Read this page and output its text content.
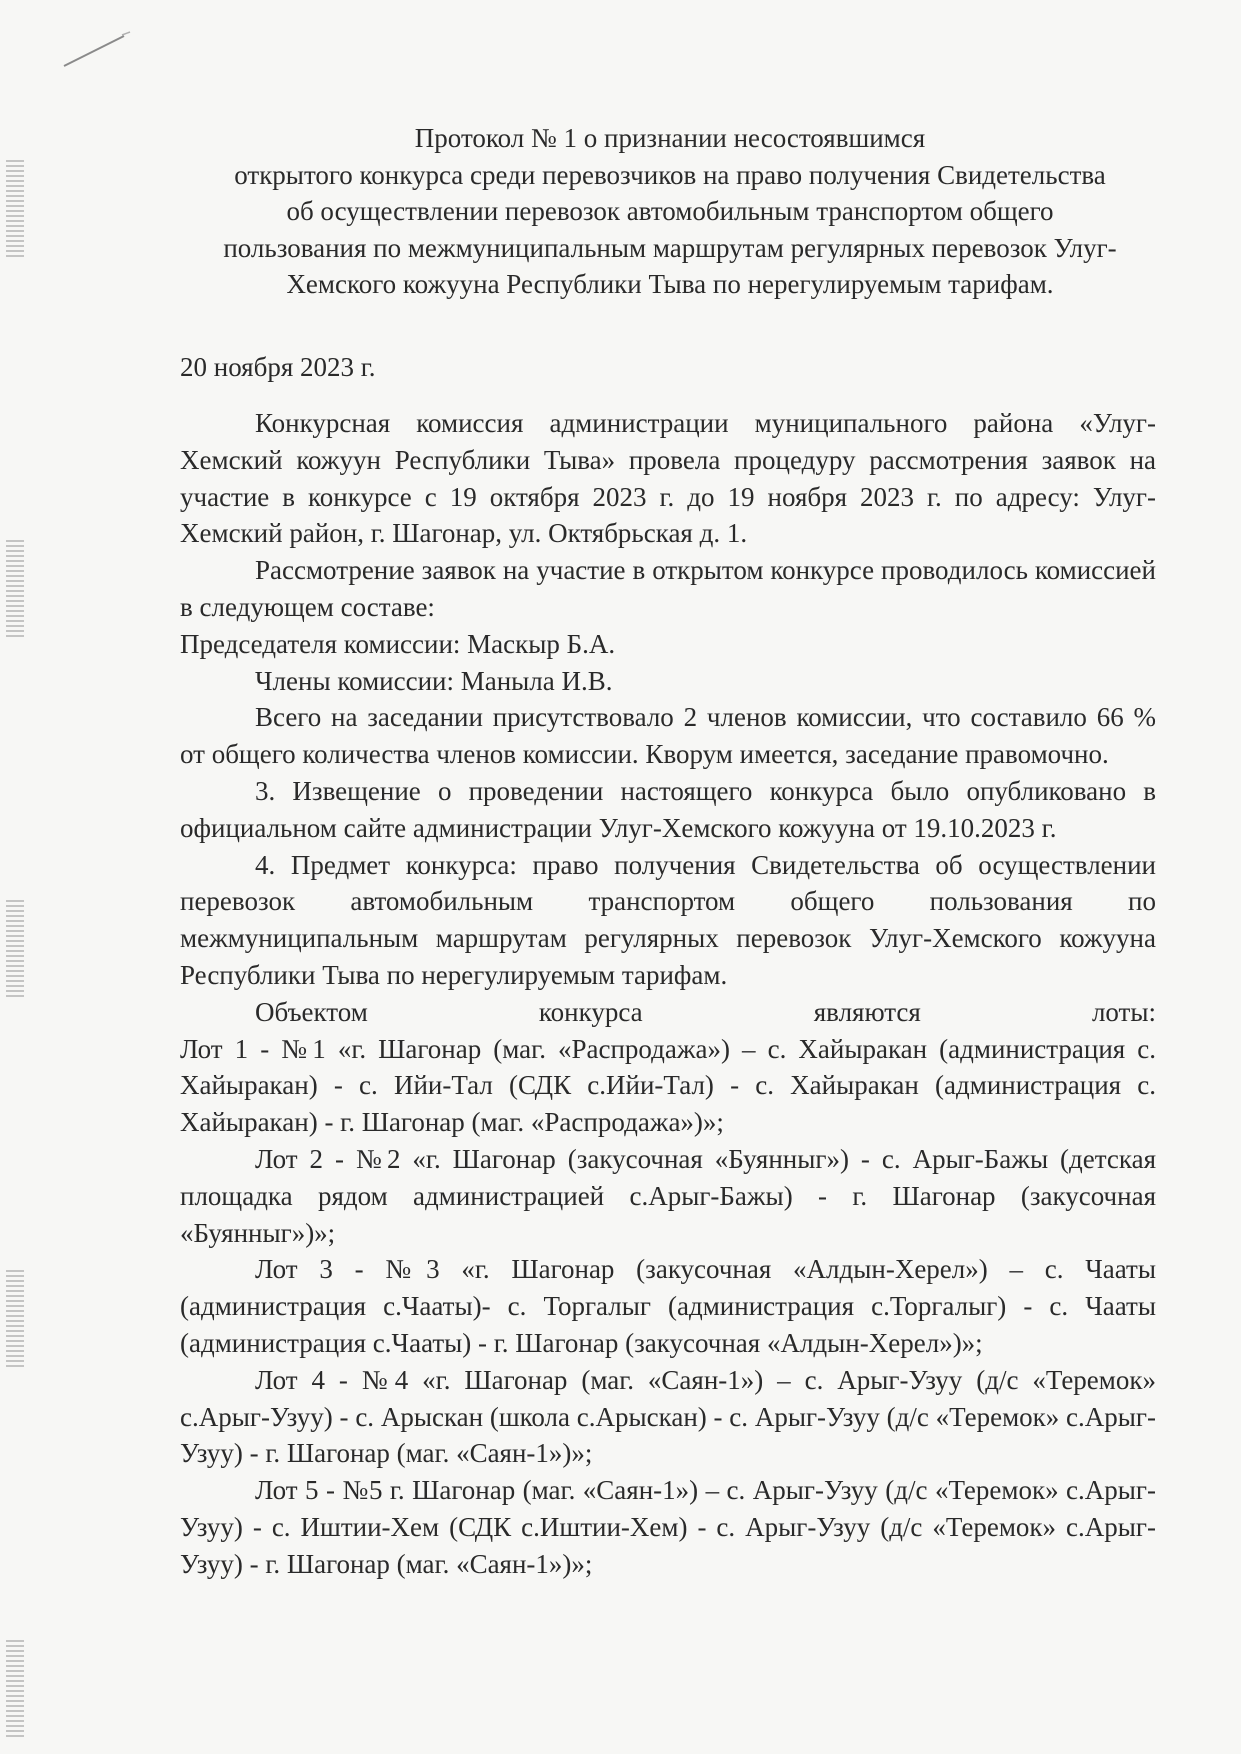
Протокол № 1 о признании несостоявшимся
открытого конкурса среди перевозчиков на право получения Свидетельства
об осуществлении перевозок автомобильным транспортом общего
пользования по межмуниципальным маршрутам регулярных перевозок Улуг-
Хемского кожууна Республики Тыва по нерегулируемым тарифам.
20 ноября 2023 г.

Конкурсная комиссия администрации муниципального района «Улуг-Хемский кожуун Республики Тыва» провела процедуру рассмотрения заявок на участие в конкурсе с 19 октября 2023 г. до 19 ноября 2023 г. по адресу: Улуг-Хемский район, г. Шагонар, ул. Октябрьская д. 1.

Рассмотрение заявок на участие в открытом конкурсе проводилось комиссией в следующем составе:

Председателя комиссии: Маскыр Б.А.

Члены комиссии: Маныла И.В.

Всего на заседании присутствовало 2 членов комиссии, что составило 66 % от общего количества членов комиссии. Кворум имеется, заседание правомочно.

3. Извещение о проведении настоящего конкурса было опубликовано в официальном сайте администрации Улуг-Хемского кожууна от 19.10.2023 г.

4. Предмет конкурса: право получения Свидетельства об осуществлении перевозок автомобильным транспортом общего пользования по межмуниципальным маршрутам регулярных перевозок Улуг-Хемского кожууна Республики Тыва по нерегулируемым тарифам.

Объектом конкурса являются лоты:

Лот 1 - №1 «г. Шагонар (маг. «Распродажа») – с. Хайыракан (администрация с. Хайыракан) - с. Ийи-Тал (СДК с.Ийи-Тал) - с. Хайыракан (администрация с. Хайыракан) - г. Шагонар (маг. «Распродажа»)»;

Лот 2 - №2 «г. Шагонар (закусочная «Буянныг») - с. Арыг-Бажы (детская площадка рядом администрацией с.Арыг-Бажы) - г. Шагонар (закусочная «Буянныг»)»;

Лот 3 - №3 «г. Шагонар (закусочная «Алдын-Херел») – с. Чааты (администрация с.Чааты)- с. Торгалыг (администрация с.Торгалыг) - с. Чааты (администрация с.Чааты) - г. Шагонар (закусочная «Алдын-Херел»)»;

Лот 4 - №4 «г. Шагонар (маг. «Саян-1») – с. Арыг-Узуу (д/с «Теремок» с.Арыг-Узуу) - с. Арыскан (школа с.Арыскан) - с. Арыг-Узуу (д/с «Теремок» с.Арыг-Узуу) - г. Шагонар (маг. «Саян-1»)»;

Лот 5 - №5 г. Шагонар (маг. «Саян-1») – с. Арыг-Узуу (д/с «Теремок» с.Арыг-Узуу) - с. Иштии-Хем (СДК с.Иштии-Хем) - с. Арыг-Узуу (д/с «Теремок» с.Арыг-Узуу) - г. Шагонар (маг. «Саян-1»)»;
